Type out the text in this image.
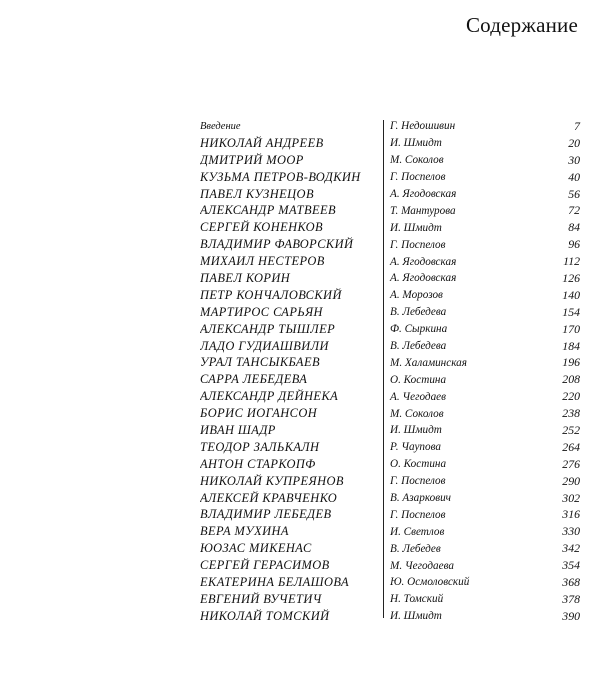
Содержание
Введение	Г. Недошивин	7
НИКОЛАЙ АНДРЕЕВ	И. Шмидт	20
ДМИТРИЙ МООР	М. Соколов	30
КУЗЬМА ПЕТРОВ-ВОДКИН	Г. Поспелов	40
ПАВЕЛ КУЗНЕЦОВ	А. Ягодовская	56
АЛЕКСАНДР МАТВЕЕВ	Т. Мантурова	72
СЕРГЕЙ КОНЕНКОВ	И. Шмидт	84
ВЛАДИМИР ФАВОРСКИЙ	Г. Поспелов	96
МИХАИЛ НЕСТЕРОВ	А. Ягодовская	112
ПАВЕЛ КОРИН	А. Ягодовская	126
ПЕТР КОНЧАЛОВСКИЙ	А. Морозов	140
МАРТИРОС САРЬЯН	В. Лебедева	154
АЛЕКСАНДР ТЫШЛЕР	Ф. Сыркина	170
ЛАДО ГУДИАШВИЛИ	В. Лебедева	184
УРАЛ ТАНСЫКБАЕВ	М. Халаминская	196
САРРА ЛЕБЕДЕВА	О. Костина	208
АЛЕКСАНДР ДЕЙНЕКА	А. Чегодаев	220
БОРИС ИОГАНСОН	М. Соколов	238
ИВАН ШАДР	И. Шмидт	252
ТЕОДОР ЗАЛЬКАЛН	Р. Чаупова	264
АНТОН СТАРКОПФ	О. Костина	276
НИКОЛАЙ КУПРЕЯНОВ	Г. Поспелов	290
АЛЕКСЕЙ КРАВЧЕНКО	В. Азаркович	302
ВЛАДИМИР ЛЕБЕДЕВ	Г. Поспелов	316
ВЕРА МУХИНА	И. Светлов	330
ЮОЗАС МИКЕНАС	В. Лебедев	342
СЕРГЕЙ ГЕРАСИМОВ	М. Чегодаева	354
ЕКАТЕРИНА БЕЛАШОВА	Ю. Осмоловский	368
ЕВГЕНИЙ ВУЧЕТИЧ	Н. Томский	378
НИКОЛАЙ ТОМСКИЙ	И. Шмидт	390
